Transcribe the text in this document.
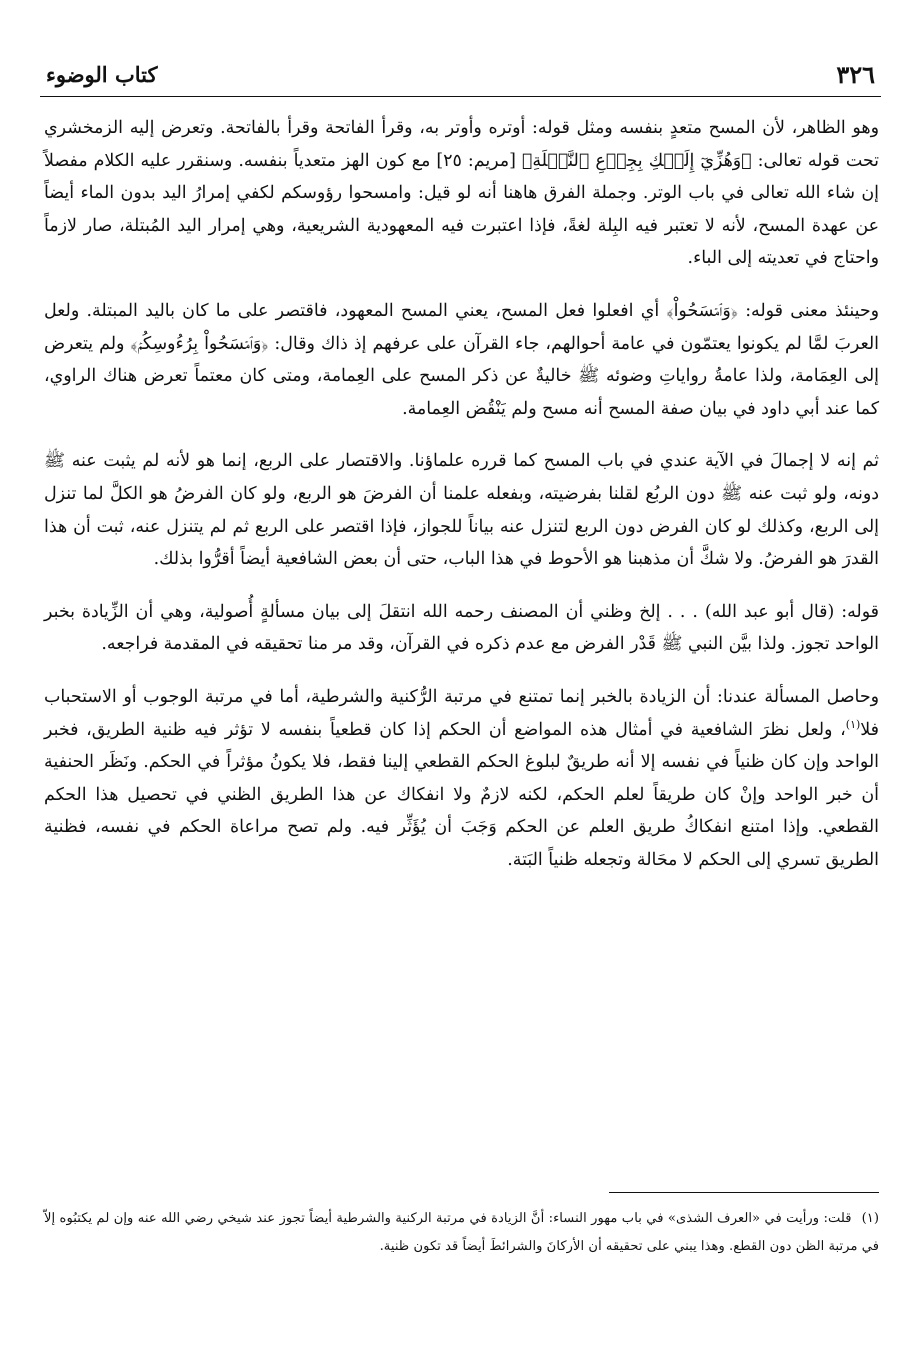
٣٢٦
كتاب الوضوء

وهو الظاهر، لأن المسح متعدٍ بنفسه ومثل قوله: أوتره وأوتر به، وقرأ الفاتحة وقرأ بالفاتحة. وتعرض إليه الزمخشري تحت قوله تعالى: ﴿وَهُزِّيٓ إِلَيۡكِ بِجِذۡعِ ٱلنَّخۡلَةِ﴾ [مريم: ٢٥] مع كون الهز متعدياً بنفسه. وسنقرر عليه الكلام مفصلاً إن شاء الله تعالى في باب الوتر. وجملة الفرق هاهنا أنه لو قيل: وامسحوا رؤوسكم لكفي إمرارُ اليد بدون الماء أيضاً عن عهدة المسح، لأنه لا تعتبر فيه البِلة لغةً، فإذا اعتبرت فيه المعهودية الشريعية، وهي إمرار اليد المُبتلة، صار لازماً واحتاج في تعديته إلى الباء.

وحينئذ معنى قوله: ﴿وَٱمۡسَحُواْ﴾ أي افعلوا فعل المسح، يعني المسح المعهود، فاقتصر على ما كان باليد المبتلة. ولعل العربَ لمَّا لم يكونوا يعتمّون في عامة أحوالهم، جاء القرآن على عرفهم إذ ذاك وقال: ﴿وَٱمۡسَحُواْ بِرُءُوسِكُمۡ﴾ ولم يتعرض إلى العِمَامة، ولذا عامةُ رواياتِ وضوئه ﷺ خاليةٌ عن ذكر المسح على العِمامة، ومتى كان معتماً تعرض هناك الراوي، كما عند أبي داود في بيان صفة المسح أنه مسح ولم يَنْقُض العِمامة.

ثم إنه لا إجمالَ في الآية عندي في باب المسح كما قرره علماؤنا. والاقتصار على الربع، إنما هو لأنه لم يثبت عنه ﷺ دونه، ولو ثبت عنه ﷺ دون الربُع لقلنا بفرضيته، وبفعله علمنا أن الفرضَ هو الربع، ولو كان الفرضُ هو الكلَّ لما تنزل إلى الربع، وكذلك لو كان الفرض دون الربع لتنزل عنه بياناً للجواز، فإذا اقتصر على الربع ثم لم يتنزل عنه، ثبت أن هذا القدرَ هو الفرضُ. ولا شكَّ أن مذهبنا هو الأحوط في هذا الباب، حتى أن بعض الشافعية أيضاً أقرُّوا بذلك.

قوله: (قال أبو عبد الله) . . . إلخ وظني أن المصنف رحمه الله انتقلَ إلى بيان مسألةٍ أُصولية، وهي أن الزِّيادة بخبر الواحد تجوز. ولذا بيَّن النبي ﷺ قَدْر الفرض مع عدم ذكره في القرآن، وقد مر منا تحقيقه في المقدمة فراجعه.

وحاصل المسألة عندنا: أن الزيادة بالخبر إنما تمتنع في مرتبة الرُّكنية والشرطية، أما في مرتبة الوجوب أو الاستحباب فلا$^{(١)}$، ولعل نظرَ الشافعية في أمثال هذه المواضع أن الحكم إذا كان قطعياً بنفسه لا تؤثر فيه ظنية الطريق، فخبر الواحد وإن كان ظنياً في نفسه إلا أنه طريقٌ لبلوغ الحكم القطعي إلينا فقط، فلا يكونُ مؤثراً في الحكم. ونَظَر الحنفية أن خبر الواحد وإنْ كان طريقاً لعلم الحكم، لكنه لازمٌ ولا انفكاك عن هذا الطريق الظني في تحصيل هذا الحكم القطعي. وإذا امتنع انفكاكُ طريق العلم عن الحكم وَجَبَ أن يُؤَثِّر فيه. ولم تصح مراعاة الحكم في نفسه، فظنية الطريق تسري إلى الحكم لا محَالة وتجعله ظنياً البَتة.

(١)قلت: ورأيت في «العرف الشذى» في باب مهور النساء: أنَّ الزيادة في مرتبة الركنية والشرطية أيضاً تجوز عند شيخي رضي الله عنه وإن لم يكتبُوه إلاّ في مرتبة الظن دون القطع. وهذا يبني على تحقيقه أن الأركانَ والشرائطَ أيضاً قد تكون ظنية.
